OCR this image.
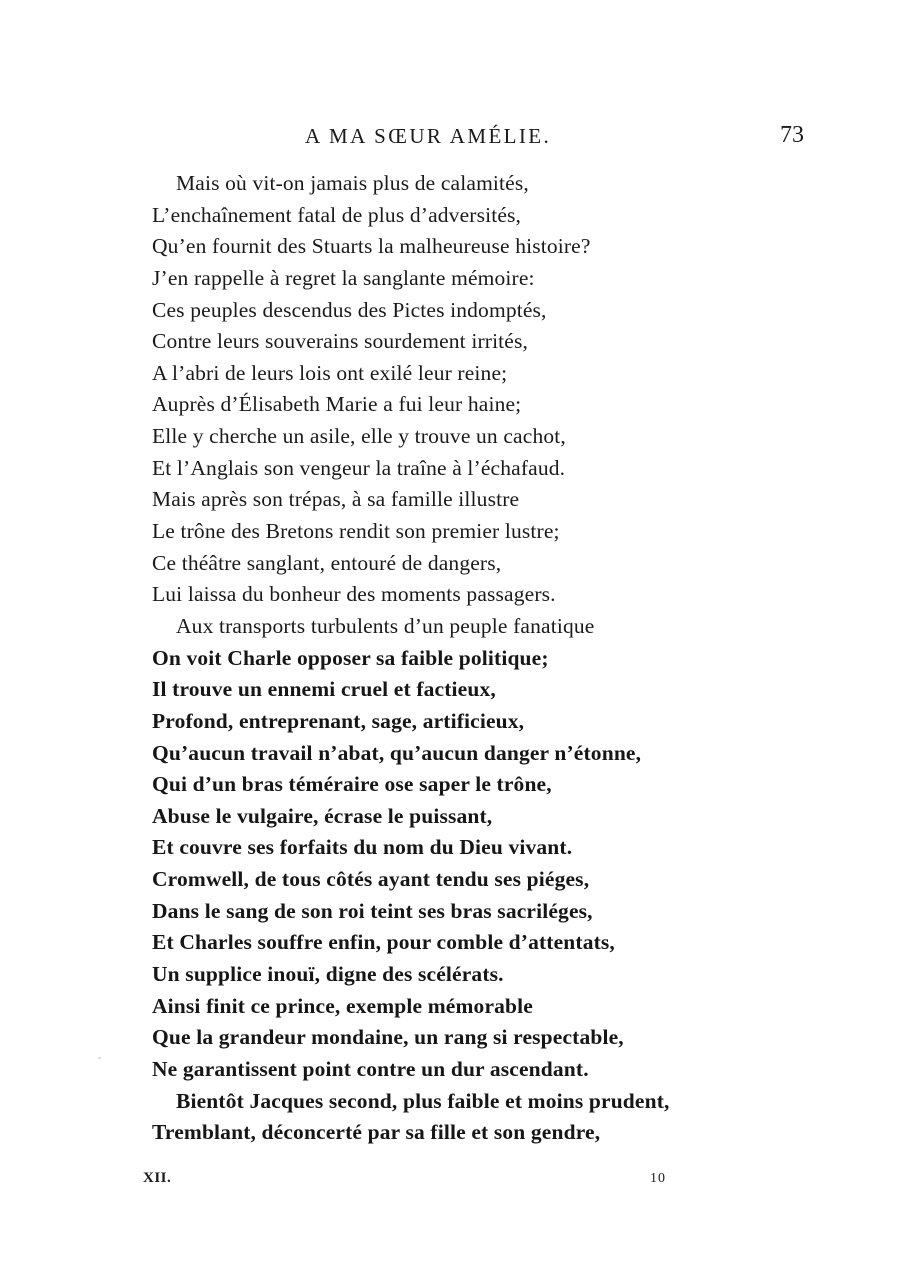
A MA SŒUR AMÉLIE.	73
Mais où vit-on jamais plus de calamités,
L’enchaînement fatal de plus d’adversités,
Qu’en fournit des Stuarts la malheureuse histoire?
J’en rappelle à regret la sanglante mémoire:
Ces peuples descendus des Pictes indomptés,
Contre leurs souverains sourdement irrités,
A l’abri de leurs lois ont exilé leur reine;
Auprès d’Élisabeth Marie a fui leur haine;
Elle y cherche un asile, elle y trouve un cachot,
Et l’Anglais son vengeur la traîne à l’échafaud.
Mais après son trépas, à sa famille illustre
Le trône des Bretons rendit son premier lustre;
Ce théâtre sanglant, entouré de dangers,
Lui laissa du bonheur des moments passagers.
Aux transports turbulents d’un peuple fanatique
On voit Charle opposer sa faible politique;
Il trouve un ennemi cruel et factieux,
Profond, entreprenant, sage, artificieux,
Qu’aucun travail n’abat, qu’aucun danger n’étonne,
Qui d’un bras téméraire ose saper le trône,
Abuse le vulgaire, écrase le puissant,
Et couvre ses forfaits du nom du Dieu vivant.
Cromwell, de tous côtés ayant tendu ses piéges,
Dans le sang de son roi teint ses bras sacriléges,
Et Charles souffre enfin, pour comble d’attentats,
Un supplice inouï, digne des scélérats.
Ainsi finit ce prince, exemple mémorable
Que la grandeur mondaine, un rang si respectable,
Ne garantissent point contre un dur ascendant.
Bientôt Jacques second, plus faible et moins prudent,
Tremblant, déconcerté par sa fille et son gendre,
XII.	10
